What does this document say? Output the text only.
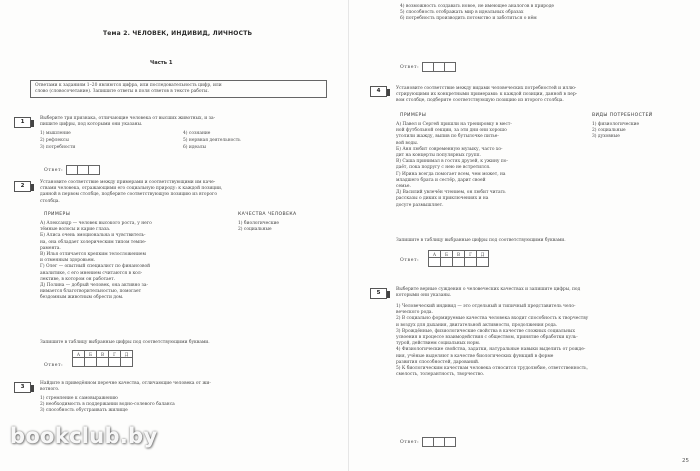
Тема 2. ЧЕЛОВЕК, ИНДИВИД, ЛИЧНОСТЬ
Часть 1
Ответами к заданиям 1–20 являются цифра, или последовательность цифр, или
слово (словосочетание). Запишите ответы в поля ответов в тексте работы.
1
Выберите три признака, отличающие человека от высших животных, и за-
пишите цифры, под которыми они указаны.
1) мышление	4) сознание
2) рефлексы	5) нервная деятельность
3) потребности	6) идеалы
Ответ:
2
Установите соответствие между примерами и соответствующими им каче-
ствами человека, отражающими его социальную природу: к каждой позиции,
данной в первом столбце, подберите соответствующую позицию из второго
столбца.
ПРИМЕРЫ	КАЧЕСТВА ЧЕЛОВЕКА
А) Александр — человек высокого роста, у него
тёмные волосы и карие глаза.
Б) Алиса очень эмоциональна и чувствитель-
на, она обладает холерическим типом темпе-
рамента.
В) Илья отличается крепким телосложением
и отменным здоровьем.
Г) Олег — опытный специалист по финансовой
аналитике, с его мнением считаются в кол-
лективе, в котором он работает.
Д) Полина — добрый человек, она активно за-
нимается благотворительностью, помогает
бездомным животным обрести дом.
1) биологические
2) социальные
Запишите в таблицу выбранные цифры под соответствующими буквами.
Ответ:
А	Б	В	Г	Д
3
Найдите в приведённом перечне качества, отличающие человека от жи-
вотного.
1) стремление к самовыражению
2) необходимость в поддержании водно-солевого баланса
3) способность обустраивать жилище
4) возможность создавать новое, не имеющее аналогов в природе
5) способность отображать мир в идеальных образах
6) потребность производить потомство и заботиться о нём
Ответ:
4	Установите соответствие между видами человеческих потребностей и иллю-
стрирующими их конкретными примерами: к каждой позиции, данной в пер-
вом столбце, подберите соответствующую позицию из второго столбца.
ПРИМЕРЫ	ВИДЫ ПОТРЕБНОСТЕЙ
А) Павел и Сергей пришли на тренировку в мест-
ной футбольной секции, за эти дни они хорошо
утолили жажду, выпив по бутылочке питье-
вой воды.
Б) Аня любит современную музыку, часто хо-
дит на концерты популярных групп.
В) Саша принимал в гостях друзей, к ужину по-
даёт, пока подругу с нею не встретился.
Г) Ирина всегда помогает всем, чем может, на
младшего брата и сестёр, дарит своей
семье.
Д) Василий увлечён чтением, он любит читать
рассказы о диких и приключениях и на
досуге размышляет.
1) физиологические
2) социальные
3) духовные
Запишите в таблицу выбранные цифры под соответствующими буквами.
Ответ:
А	Б	В	Г	Д
5
Выберите верные суждения о человеческих качествах и запишите цифры, под
которыми они указаны.
1) Человеческий индивид — это отдельный и типичный представитель чело-
веческого рода.
2) В социально формируемые качества человека входит способность к творчеству
и воздух для дыхания, двигательной активности, продолжения рода.
3) Врождённые, физиологические свойства в качестве сложных социальных
усвоения в процессе взаимодействия с обществом, принятие обработки куль-
турой, действием социальных норм.
4) Физиологические свойства, задатки, натуральные навыки выделить от рожде-
ния, учёные выделяют в качестве биологических функций в форме
развития способностей, дарований.
5) К биологическим качествам человека относится трудолюбие, ответственность,
смелость, толерантность, творчество.
Ответ:
25
bookclub.by
